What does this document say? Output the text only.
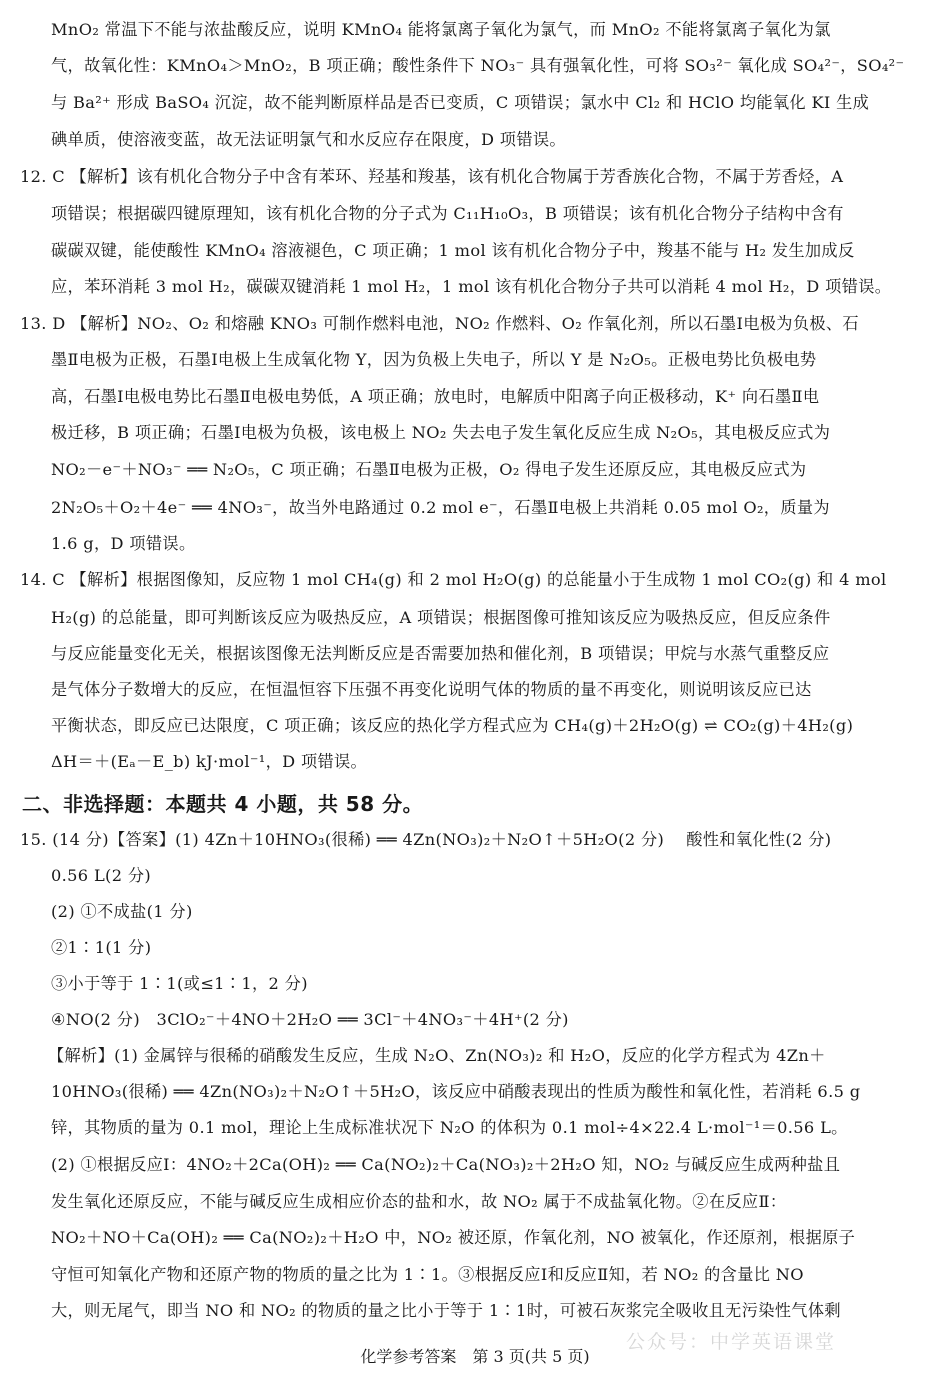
MnO₂ 常温下不能与浓盐酸反应，说明 KMnO₄ 能将氯离子氧化为氯气，而 MnO₂ 不能将氯离子氧化为氯
气，故氧化性：KMnO₄＞MnO₂，B 项正确；酸性条件下 NO₃⁻ 具有强氧化性，可将 SO₃²⁻ 氧化成 SO₄²⁻，SO₄²⁻
与 Ba²⁺ 形成 BaSO₄ 沉淀，故不能判断原样品是否已变质，C 项错误；氯水中 Cl₂ 和 HClO 均能氧化 KI 生成
碘单质，使溶液变蓝，故无法证明氯气和水反应存在限度，D 项错误。
12. C 【解析】该有机化合物分子中含有苯环、羟基和羧基，该有机化合物属于芳香族化合物，不属于芳香烃，A
项错误；根据碳四键原理知，该有机化合物的分子式为 C₁₁H₁₀O₃，B 项错误；该有机化合物分子结构中含有
碳碳双键，能使酸性 KMnO₄ 溶液褪色，C 项正确；1 mol 该有机化合物分子中，羧基不能与 H₂ 发生加成反
应，苯环消耗 3 mol H₂，碳碳双键消耗 1 mol H₂，1 mol 该有机化合物分子共可以消耗 4 mol H₂，D 项错误。
13. D 【解析】NO₂、O₂ 和熔融 KNO₃ 可制作燃料电池，NO₂ 作燃料、O₂ 作氧化剂，所以石墨Ⅰ电极为负极、石
墨Ⅱ电极为正极，石墨Ⅰ电极上生成氧化物 Y，因为负极上失电子，所以 Y 是 N₂O₅。正极电势比负极电势
高，石墨Ⅰ电极电势比石墨Ⅱ电极电势低，A 项正确；放电时，电解质中阳离子向正极移动，K⁺ 向石墨Ⅱ电
极迁移，B 项正确；石墨Ⅰ电极为负极，该电极上 NO₂ 失去电子发生氧化反应生成 N₂O₅，其电极反应式为
NO₂－e⁻＋NO₃⁻ ══ N₂O₅，C 项正确；石墨Ⅱ电极为正极，O₂ 得电子发生还原反应，其电极反应式为
2N₂O₅＋O₂＋4e⁻ ══ 4NO₃⁻，故当外电路通过 0.2 mol e⁻，石墨Ⅱ电极上共消耗 0.05 mol O₂，质量为
1.6 g，D 项错误。
14. C 【解析】根据图像知，反应物 1 mol CH₄(g) 和 2 mol H₂O(g) 的总能量小于生成物 1 mol CO₂(g) 和 4 mol
H₂(g) 的总能量，即可判断该反应为吸热反应，A 项错误；根据图像可推知该反应为吸热反应，但反应条件
与反应能量变化无关，根据该图像无法判断反应是否需要加热和催化剂，B 项错误；甲烷与水蒸气重整反应
是气体分子数增大的反应，在恒温恒容下压强不再变化说明气体的物质的量不再变化，则说明该反应已达
平衡状态，即反应已达限度，C 项正确；该反应的热化学方程式应为 CH₄(g)＋2H₂O(g) ⇌ CO₂(g)＋4H₂(g)
ΔH＝＋(Eₐ－E_b) kJ·mol⁻¹，D 项错误。
二、非选择题：本题共 4 小题，共 58 分。
15. (14 分)【答案】(1) 4Zn＋10HNO₃(很稀) ══ 4Zn(NO₃)₂＋N₂O↑＋5H₂O(2 分)　 酸性和氧化性(2 分)
0.56 L(2 分)
(2) ①不成盐(1 分)
②1∶1(1 分)
③小于等于 1∶1(或≤1∶1，2 分)
④NO(2 分)　3ClO₂⁻＋4NO＋2H₂O ══ 3Cl⁻＋4NO₃⁻＋4H⁺(2 分)
【解析】(1) 金属锌与很稀的硝酸发生反应，生成 N₂O、Zn(NO₃)₂ 和 H₂O，反应的化学方程式为 4Zn＋
10HNO₃(很稀) ══ 4Zn(NO₃)₂＋N₂O↑＋5H₂O，该反应中硝酸表现出的性质为酸性和氧化性，若消耗 6.5 g
锌，其物质的量为 0.1 mol，理论上生成标准状况下 N₂O 的体积为 0.1 mol÷4×22.4 L·mol⁻¹＝0.56 L。
(2) ①根据反应Ⅰ：4NO₂＋2Ca(OH)₂ ══ Ca(NO₂)₂＋Ca(NO₃)₂＋2H₂O 知，NO₂ 与碱反应生成两种盐且
发生氧化还原反应，不能与碱反应生成相应价态的盐和水，故 NO₂ 属于不成盐氧化物。②在反应Ⅱ：
NO₂＋NO＋Ca(OH)₂ ══ Ca(NO₂)₂＋H₂O 中，NO₂ 被还原，作氧化剂，NO 被氧化，作还原剂，根据原子
守恒可知氧化产物和还原产物的物质的量之比为 1∶1。③根据反应Ⅰ和反应Ⅱ知，若 NO₂ 的含量比 NO
大，则无尾气，即当 NO 和 NO₂ 的物质的量之比小于等于 1∶1时，可被石灰浆完全吸收且无污染性气体剩
公众号：中学英语课堂
化学参考答案　第 3 页(共 5 页)
